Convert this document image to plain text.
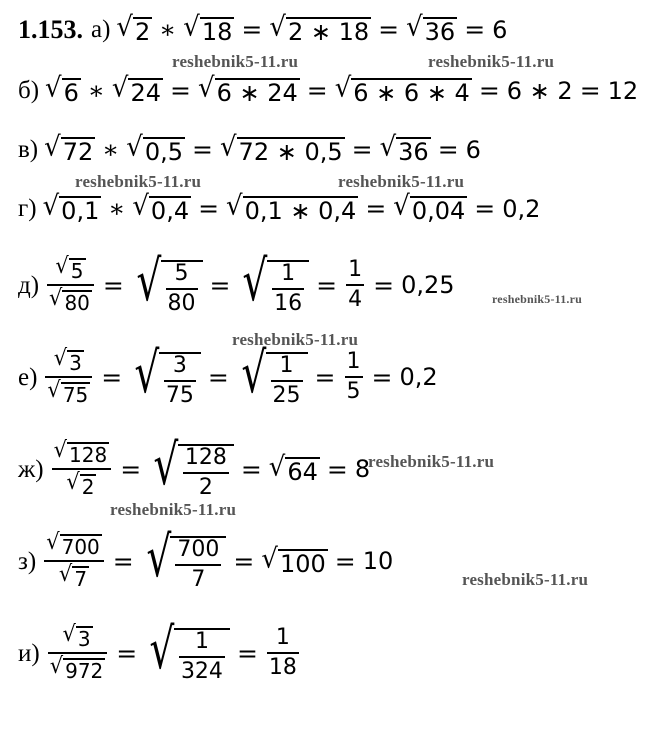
1.153. а) √ 2 ∗ √ 18 = √ 2 ∗ 18 = √ 36 = 6
б) √ 6 ∗ √ 24 = √ 6 ∗ 24 = √ 6 ∗ 6 ∗ 4 = 6 ∗ 2 = 12
в) √ 72 ∗ √ 0,5 = √ 72 ∗ 0,5 = √ 36 = 6
г) √ 0,1 ∗ √ 0,4 = √ 0,1 ∗ 0,4 = √ 0,04 = 0,2
$д) \frac{√ 5}{√ 80}$ = √ $\frac{5}{80}$ = √ $\frac{1}{16} = \frac{1}{4} = 0,25$
$е) \frac{√ 3}{√ 75}$ = √ $\frac{3}{75}$ = √ $\frac{1}{25} = \frac{1}{5} = 0,2$
$ж) \frac{√ 128}{√ 2}$ = √ $\frac{128}{2}$ = √ 64 = 8
$з) \frac{√ 700}{√ 7}$ = √ $\frac{700}{7}$ = √ 100 = 10
$и) \frac{√ 3}{√ 972}$ = √ $\frac{1}{324} = \frac{1}{18}$
reshebnik5-11.ru	reshebnik5-11.ru
reshebnik5-11.ru	reshebnik5-11.ru
reshebnik5-11.ru
reshebnik5-11.ru
reshebnik5-11.ru
reshebnik5-11.ru
reshebnik5-11.ru
